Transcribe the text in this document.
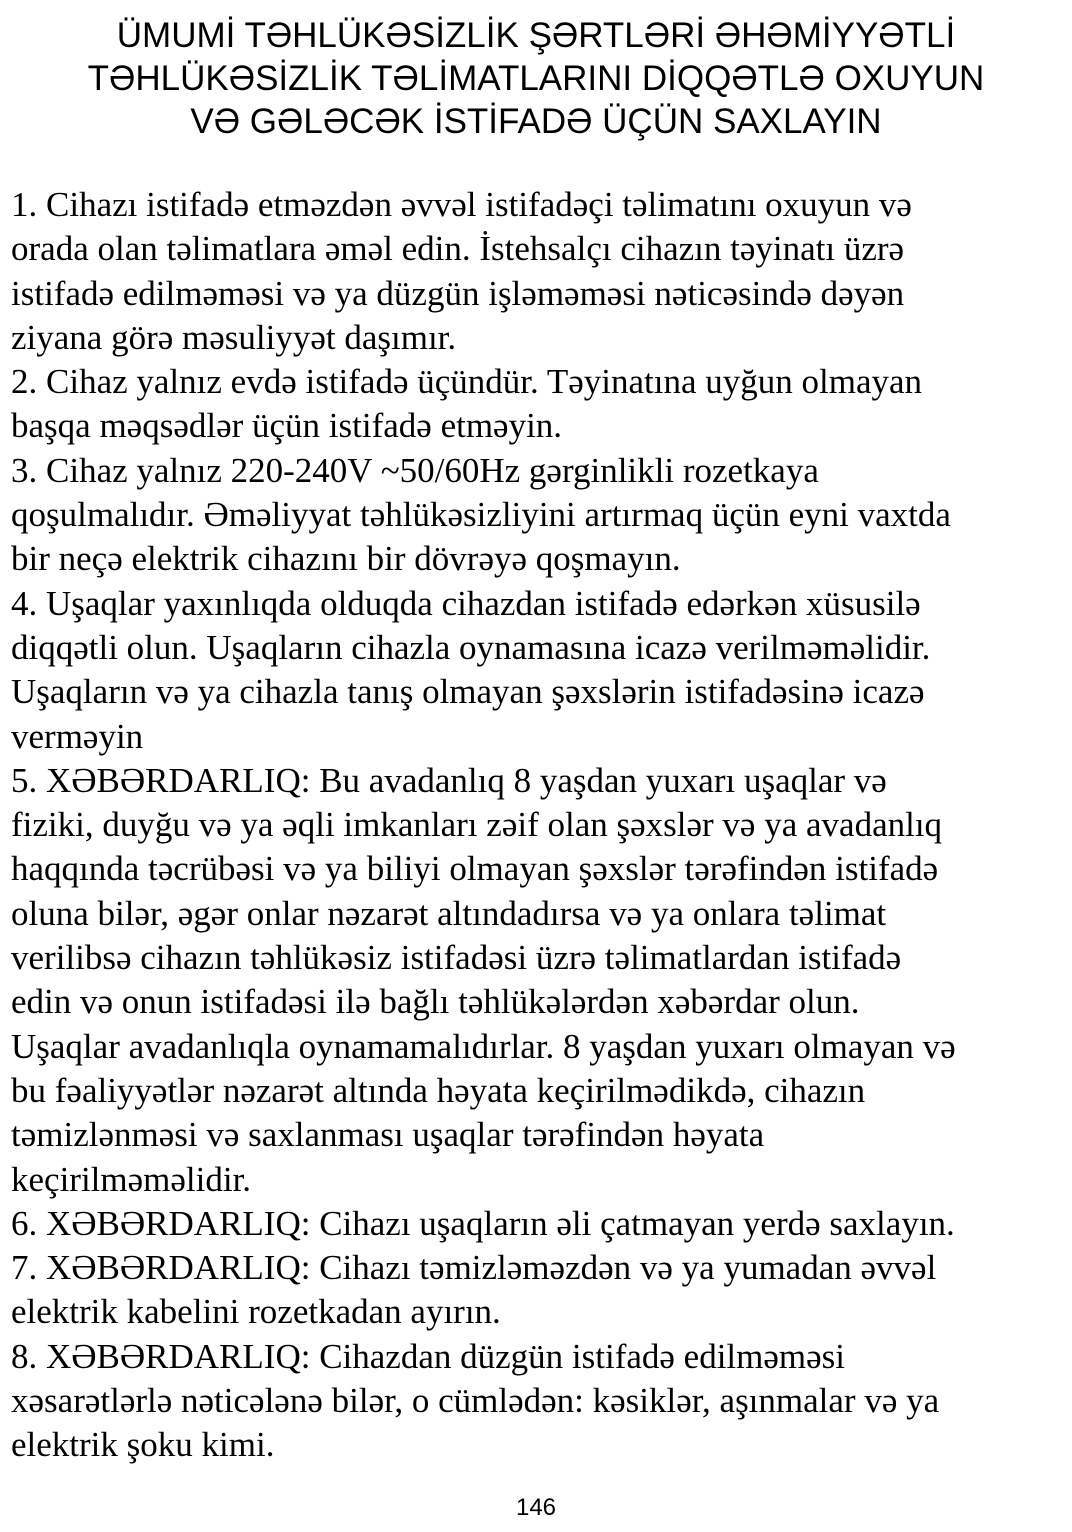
ÜMUMİ TƏHLÜKƏSİZLİK ŞƏRTLƏRİ ƏHƏMİYYƏTLİ
TƏHLÜKƏSİZLİK TƏLİMATLARINI DİQQƏTLƏ OXUYUN
VƏ GƏLƏCƏK İSTİFADƏ ÜÇÜN SAXLAYIN
1. Cihazı istifadə etməzdən əvvəl istifadəçi təlimatını oxuyun və
orada olan təlimatlara əməl edin. İstehsalçı cihazın təyinatı üzrə
istifadə edilməməsi və ya düzgün işləməməsi nəticəsində dəyən
ziyana görə məsuliyyət daşımır.
2. Cihaz yalnız evdə istifadə üçündür. Təyinatına uyğun olmayan
başqa məqsədlər üçün istifadə etməyin.
3. Cihaz yalnız 220-240V ~50/60Hz gərginlikli rozetkaya
qoşulmalıdır. Əməliyyat təhlükəsizliyini artırmaq üçün eyni vaxtda
bir neçə elektrik cihazını bir dövrəyə qoşmayın.
4. Uşaqlar yaxınlıqda olduqda cihazdan istifadə edərkən xüsusilə
diqqətli olun. Uşaqların cihazla oynamasına icazə verilməməlidir.
Uşaqların və ya cihazla tanış olmayan şəxslərin istifadəsinə icazə
verməyin
5. XƏBƏRDARLIQ: Bu avadanlıq 8 yaşdan yuxarı uşaqlar və
fiziki, duyğu və ya əqli imkanları zəif olan şəxslər və ya avadanlıq
haqqında təcrübəsi və ya biliyi olmayan şəxslər tərəfindən istifadə
oluna bilər, əgər onlar nəzarət altındadırsa və ya onlara təlimat
verilibsə cihazın təhlükəsiz istifadəsi üzrə təlimatlardan istifadə
edin və onun istifadəsi ilə bağlı təhlükələrdən xəbərdar olun.
Uşaqlar avadanlıqla oynamamalıdırlar. 8 yaşdan yuxarı olmayan və
bu fəaliyyətlər nəzarət altında həyata keçirilmədikdə, cihazın
təmizlənməsi və saxlanması uşaqlar tərəfindən həyata
keçirilməməlidir.
6. XƏBƏRDARLIQ: Cihazı uşaqların əli çatmayan yerdə saxlayın.
7. XƏBƏRDARLIQ: Cihazı təmizləməzdən və ya yumadan əvvəl
elektrik kabelini rozetkadan ayırın.
8. XƏBƏRDARLIQ: Cihazdan düzgün istifadə edilməməsi
xəsarətlərlə nəticələnə bilər, o cümlədən: kəsiklər, aşınmalar və ya
elektrik şoku kimi.
146
